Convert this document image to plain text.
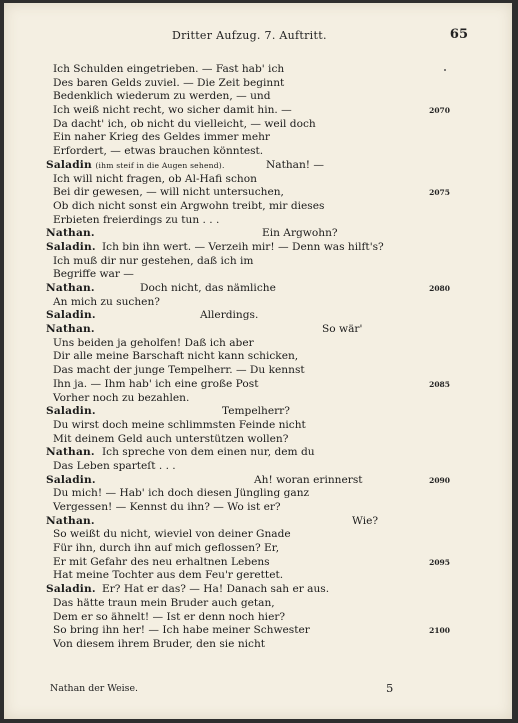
Dritter Aufzug. 7. Auftritt.	65
Ich Schulden eingetrieben. — Fast hab' ich
Des baren Gelds zuviel. — Die Zeit beginnt
Bedenklich wiederum zu werden, — und
Ich weiß nicht recht, wo sicher damit hin. —	2070
Da dacht' ich, ob nicht du vielleicht, — weil doch
Ein naher Krieg des Geldes immer mehr
Erfordert, — etwas brauchen könntest.
Saladin (ihm steif in die Augen sehend).	Nathan! —
Ich will nicht fragen, ob Al-Hafi schon
Bei dir gewesen, — will nicht untersuchen,	2075
Ob dich nicht sonst ein Argwohn treibt, mir dieses
Erbieten freierdings zu tun . . .
Nathan.	Ein Argwohn?
Saladin. Ich bin ihn wert. — Verzeih mir! — Denn was hilft's?
Ich muß dir nur gestehen, daß ich im
Begriffe war —
Nathan.	Doch nicht, das nämliche	2080
An mich zu suchen?
Saladin.	Allerdings.
Nathan.	So wär'
Uns beiden ja geholfen! Daß ich aber
Dir alle meine Barschaft nicht kann schicken,
Das macht der junge Tempelherr. — Du kennst
Ihn ja. — Ihm hab' ich eine große Post	2085
Vorher noch zu bezahlen.
Saladin.	Tempelherr?
Du wirst doch meine schlimmsten Feinde nicht
Mit deinem Geld auch unterstützen wollen?
Nathan. Ich spreche von dem einen nur, dem du
Das Leben sparteſt . . .
Saladin.	Ah! woran erinnerst	2090
Du mich! — Hab' ich doch diesen Jüngling ganz
Vergessen! — Kennst du ihn? — Wo ist er?
Nathan.	Wie?
So weißt du nicht, wieviel von deiner Gnade
Für ihn, durch ihn auf mich geflossen? Er,
Er mit Gefahr des neu erhaltnen Lebens	2095
Hat meine Tochter aus dem Feu'r gerettet.
Saladin. Er? Hat er das? — Ha! Danach sah er aus.
Das hätte traun mein Bruder auch getan,
Dem er so ähnelt! — Ist er denn noch hier?
So bring ihn her! — Ich habe meiner Schwester	2100
Von diesem ihrem Bruder, den sie nicht
Nathan der Weise.	5
